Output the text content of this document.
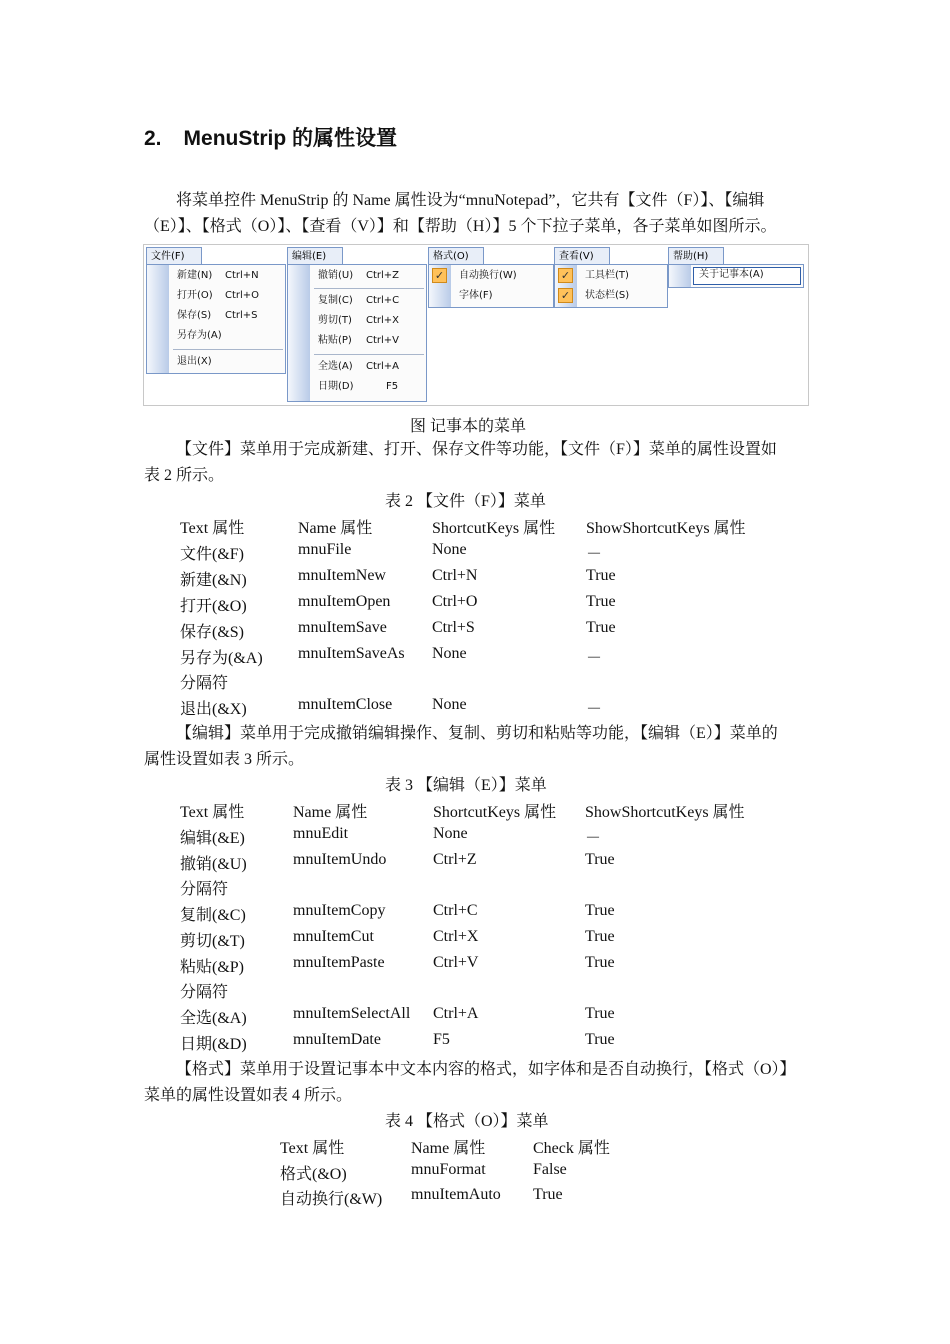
2. MenuStrip 的属性设置
将菜单控件 MenuStrip 的 Name 属性设为“mnuNotepad”，它共有【文件（F）】、【编辑
（E）】、【格式（O）】、【查看（V）】和【帮助（H）】5 个下拉子菜单，各子菜单如图所示。
文件(F)
新建(N) Ctrl+N
打开(O) Ctrl+O
保存(S) Ctrl+S
另存为(A)
退出(X)
编辑(E)
撤销(U) Ctrl+Z
复制(C) Ctrl+C
剪切(T) Ctrl+X
粘贴(P) Ctrl+V
全选(A) Ctrl+A
日期(D)	F5
格式(O)
✓ 自动换行(W)
字体(F)
查看(V)
✓ 工具栏(T)
✓ 状态栏(S)
帮助(H)
关于记事本(A)
图 记事本的菜单
【文件】菜单用于完成新建、打开、保存文件等功能，【文件（F）】菜单的属性设置如
表 2 所示。
表 2 【文件（F）】菜单
Text 属性	Name 属性	ShortcutKeys 属性 ShowShortcutKeys 属性
文件(&F)	mnuFile	None	－
新建(&N)	mnuItemNew	Ctrl+N	True
打开(&O)	mnuItemOpen	Ctrl+O	True
保存(&S)	mnuItemSave	Ctrl+S	True
另存为(&A) mnuItemSaveAs None	－
分隔符
退出(&X)	mnuItemClose None	－
【编辑】菜单用于完成撤销编辑操作、复制、剪切和粘贴等功能，【编辑（E）】菜单的
属性设置如表 3 所示。
表 3 【编辑（E）】菜单
Text 属性	Name 属性	ShortcutKeys 属性 ShowShortcutKeys 属性
编辑(&E)	mnuEdit	None	－
撤销(&U)	mnuItemUndo	Ctrl+Z	True
分隔符
复制(&C)	mnuItemCopy	Ctrl+C	True
剪切(&T)	mnuItemCut	Ctrl+X	True
粘贴(&P)	mnuItemPaste	Ctrl+V	True
分隔符
全选(&A)	mnuItemSelectAll Ctrl+A	True
日期(&D)	mnuItemDate	F5	True
【格式】菜单用于设置记事本中文本内容的格式，如字体和是否自动换行，【格式（O）】
菜单的属性设置如表 4 所示。
表 4 【格式（O）】菜单
Text 属性	Name 属性	Check 属性
格式(&O)	mnuFormat	False
自动换行(&W) mnuItemAuto True
